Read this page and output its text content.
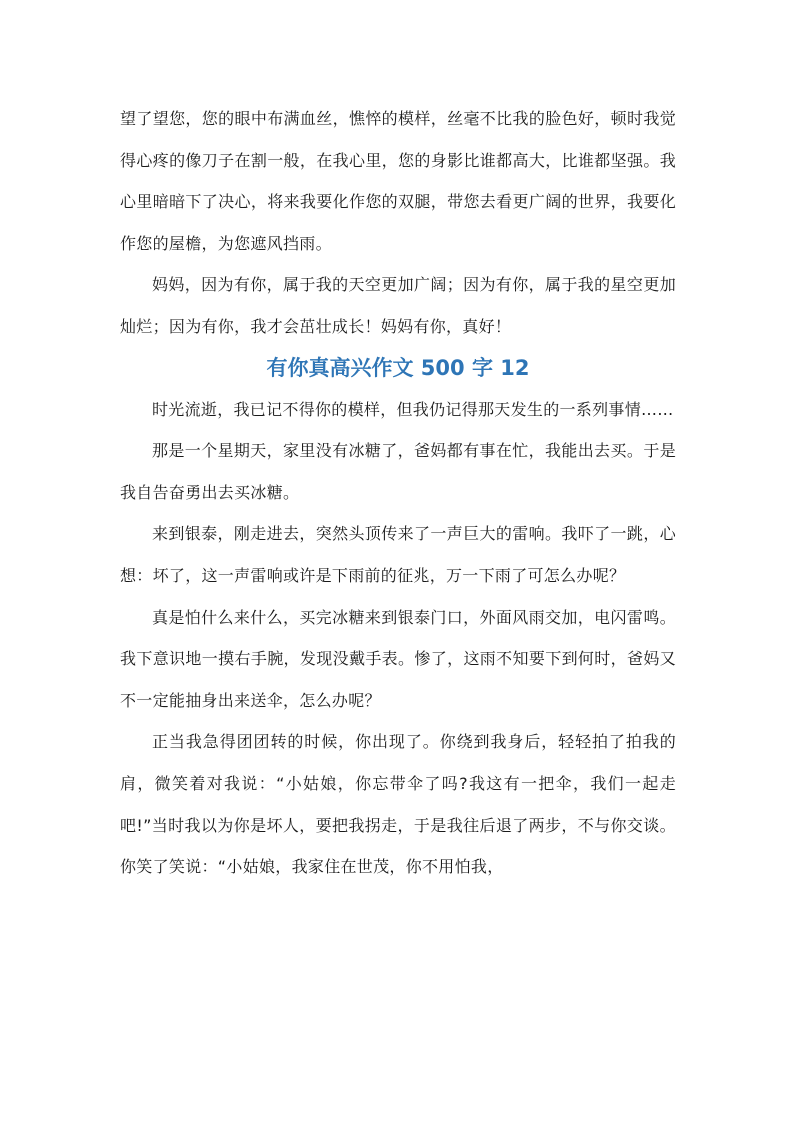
望了望您，您的眼中布满血丝，憔悴的模样，丝毫不比我的脸色好，顿时我觉得心疼的像刀子在割一般，在我心里，您的身影比谁都高大，比谁都坚强。我心里暗暗下了决心，将来我要化作您的双腿，带您去看更广阔的世界，我要化作您的屋檐，为您遮风挡雨。

妈妈，因为有你，属于我的天空更加广阔；因为有你，属于我的星空更加灿烂；因为有你，我才会茁壮成长！妈妈有你，真好！

有你真高兴作文 500 字 12

时光流逝，我已记不得你的模样，但我仍记得那天发生的一系列事情……

那是一个星期天，家里没有冰糖了，爸妈都有事在忙，我能出去买。于是我自告奋勇出去买冰糖。

来到银泰，刚走进去，突然头顶传来了一声巨大的雷响。我吓了一跳，心想：坏了，这一声雷响或许是下雨前的征兆，万一下雨了可怎么办呢？

真是怕什么来什么，买完冰糖来到银泰门口，外面风雨交加，电闪雷鸣。我下意识地一摸右手腕，发现没戴手表。惨了，这雨不知要下到何时，爸妈又不一定能抽身出来送伞，怎么办呢？

正当我急得团团转的时候，你出现了。你绕到我身后，轻轻拍了拍我的肩，微笑着对我说：“小姑娘，你忘带伞了吗?我这有一把伞，我们一起走吧!”当时我以为你是坏人，要把我拐走，于是我往后退了两步，不与你交谈。你笑了笑说：“小姑娘，我家住在世茂，你不用怕我，
